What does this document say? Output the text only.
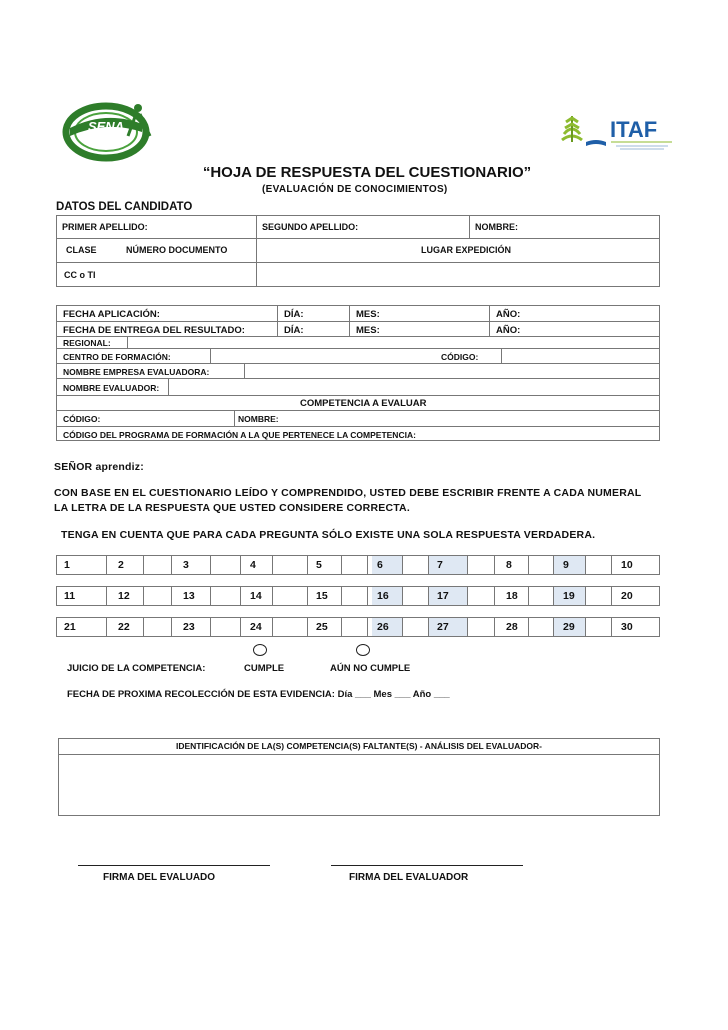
SENA	ITAF
“HOJA DE RESPUESTA DEL CUESTIONARIO”
(EVALUACIÓN DE CONOCIMIENTOS)
DATOS DEL CANDIDATO
PRIMER APELLIDO:	SEGUNDO APELLIDO:	NOMBRE:
CLASE	NÚMERO DOCUMENTO	LUGAR EXPEDICIÓN
CC o TI
FECHA APLICACIÓN:	DÍA:	MES:	AÑO:
FECHA DE ENTREGA DEL RESULTADO:	DÍA:	MES:	AÑO:
REGIONAL:
CENTRO DE FORMACIÓN:	CÓDIGO:
NOMBRE EMPRESA EVALUADORA:
NOMBRE EVALUADOR:
COMPETENCIA A EVALUAR
CÓDIGO:	NOMBRE:
CÓDIGO DEL PROGRAMA DE FORMACIÓN A LA QUE PERTENECE LA COMPETENCIA:
SEÑOR aprendiz:
CON BASE EN EL CUESTIONARIO LEÍDO Y COMPRENDIDO, USTED DEBE ESCRIBIR FRENTE A CADA NUMERAL
LA LETRA DE LA RESPUESTA QUE USTED CONSIDERE CORRECTA.
TENGA EN CUENTA QUE PARA CADA PREGUNTA SÓLO EXISTE UNA SOLA RESPUESTA VERDADERA.
1	2	3	4	5	6	7	8	9	10
11	12	13	14	15	16	17	18	19	20
21	22	23	24	25	26	27	28	29	30
JUICIO DE LA COMPETENCIA:	CUMPLE	AÚN NO CUMPLE
FECHA DE PROXIMA RECOLECCIÓN DE ESTA EVIDENCIA: Día ___ Mes ___ Año ___
IDENTIFICACIÓN DE LA(S) COMPETENCIA(S) FALTANTE(S) - ANÁLISIS DEL EVALUADOR-
FIRMA DEL EVALUADO	FIRMA DEL EVALUADOR
